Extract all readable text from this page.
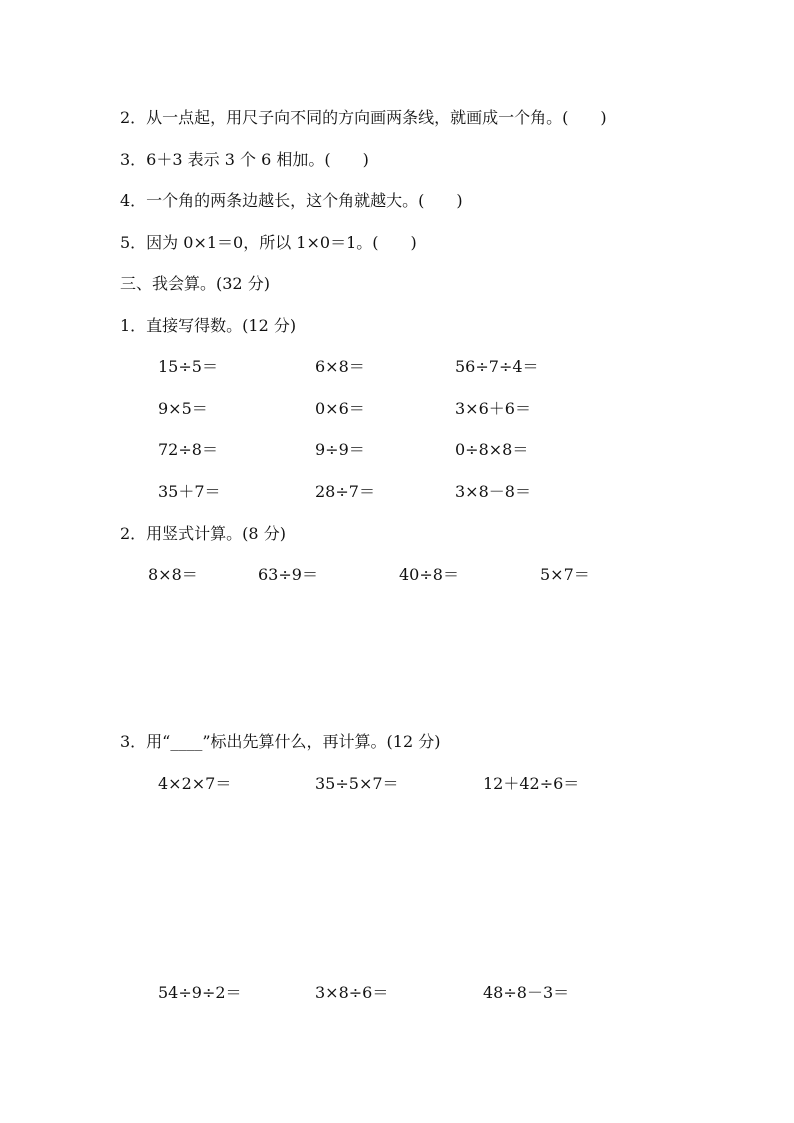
2．从一点起，用尺子向不同的方向画两条线，就画成一个角。(　　)
3．6＋3 表示 3 个 6 相加。(　　)
4．一个角的两条边越长，这个角就越大。(　　)
5．因为 0×1＝0，所以 1×0＝1。(　　)
三、我会算。(32 分)
1．直接写得数。(12 分)
15÷5＝	6×8＝	56÷7÷4＝
9×5＝	0×6＝	3×6＋6＝
72÷8＝	9÷9＝	0÷8×8＝
35＋7＝	28÷7＝	3×8－8＝
2．用竖式计算。(8 分)
8×8＝	63÷9＝	40÷8＝	5×7＝
3．用“____”标出先算什么，再计算。(12 分)
4×2×7＝	35÷5×7＝	12＋42÷6＝
54÷9÷2＝	3×8÷6＝	48÷8－3＝
